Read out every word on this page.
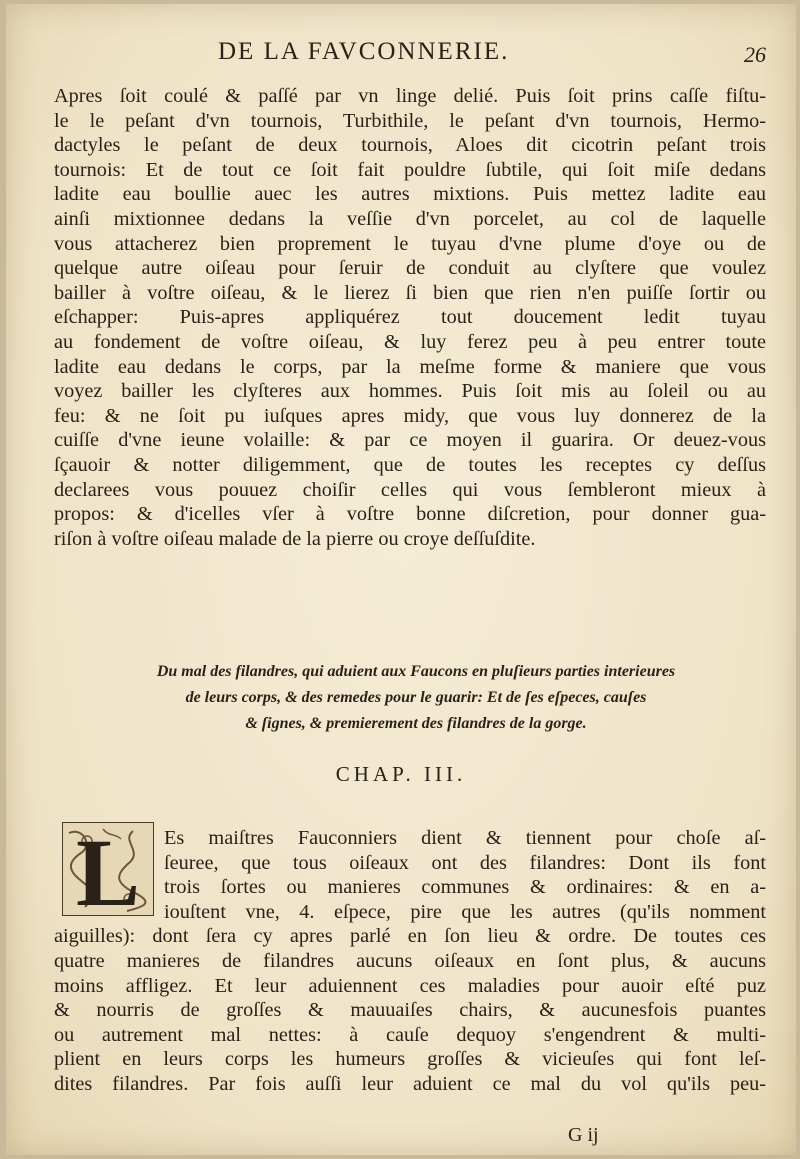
DE LA FAVCONNERIE.	26
Apres ſoit coulé & paſſé par vn linge delié. Puis ſoit prins caſſe fiſtu-
le le peſant d'vn tournois, Turbithile, le peſant d'vn tournois, Hermo-
dactyles le peſant de deux tournois, Aloes dit cicotrin peſant trois
tournois: Et de tout ce ſoit fait pouldre ſubtile, qui ſoit miſe dedans
ladite eau boullie auec les autres mixtions. Puis mettez ladite eau
ainſi mixtionnee dedans la veſſie d'vn porcelet, au col de laquelle
vous attacherez bien proprement le tuyau d'vne plume d'oye ou de
quelque autre oiſeau pour ſeruir de conduit au clyſtere que voulez
bailler à voſtre oiſeau, & le lierez ſi bien que rien n'en puiſſe ſortir ou
eſchapper: Puis-apres appliquérez tout doucement ledit tuyau
au fondement de voſtre oiſeau, & luy ferez peu à peu entrer toute
ladite eau dedans le corps, par la meſme forme & maniere que vous
voyez bailler les clyſteres aux hommes. Puis ſoit mis au ſoleil ou au
feu: & ne ſoit pu iuſques apres midy, que vous luy donnerez de la
cuiſſe d'vne ieune volaille: & par ce moyen il guarira. Or deuez-vous
ſçauoir & notter diligemment, que de toutes les receptes cy deſſus
declarees vous pouuez choiſir celles qui vous ſembleront mieux à
propos: & d'icelles vſer à voſtre bonne diſcretion, pour donner gua-
riſon à voſtre oiſeau malade de la pierre ou croye deſſuſdite.
Du mal des filandres, qui aduient aux Faucons en pluſieurs parties interieures
de leurs corps, & des remedes pour le guarir: Et de ſes eſpeces, cauſes
& ſignes, & premierement des filandres de la gorge.
CHAP. III.
L	Es maiſtres Fauconniers dient & tiennent pour choſe aſ-
ſeuree, que tous oiſeaux ont des filandres: Dont ils font
trois ſortes ou manieres communes & ordinaires: & en a-
iouſtent vne, 4. eſpece, pire que les autres (qu'ils nomment
aiguilles): dont ſera cy apres parlé en ſon lieu & ordre. De toutes ces
quatre manieres de filandres aucuns oiſeaux en ſont plus, & aucuns
moins affligez. Et leur aduiennent ces maladies pour auoir eſté puz
& nourris de groſſes & mauuaiſes chairs, & aucunesfois puantes
ou autrement mal nettes: à cauſe dequoy s'engendrent & multi-
plient en leurs corps les humeurs groſſes & vicieuſes qui font leſ-
dites filandres. Par fois auſſi leur aduient ce mal du vol qu'ils peu-
G ij
